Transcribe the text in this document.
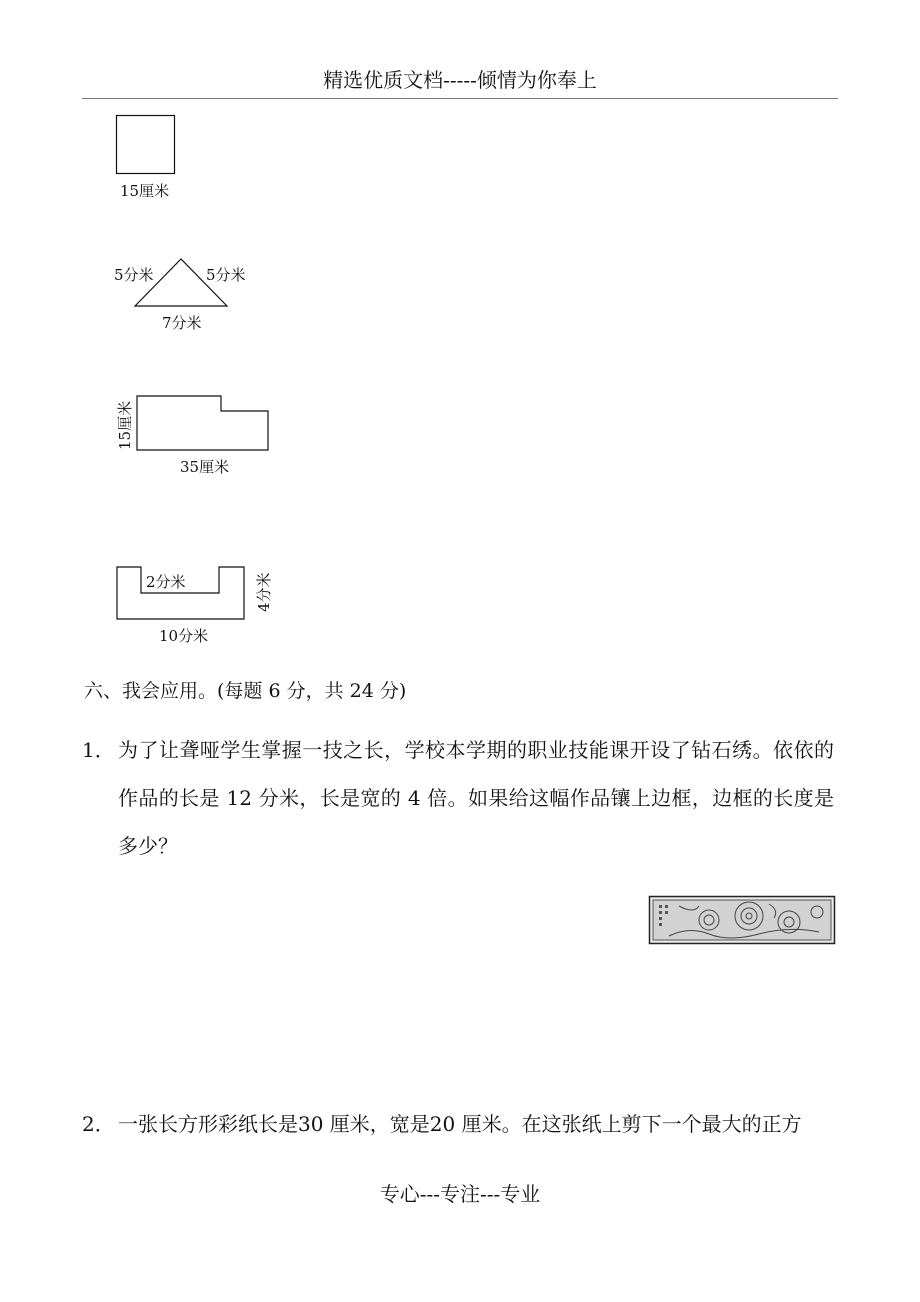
精选优质文档-----倾情为你奉上
15厘米
5分米	5分米
7分米
15厘米
35厘米
2分米	4分米
10分米
六、我会应用。(每题 6 分，共 24 分)
1． 为了让聋哑学生掌握一技之长，学校本学期的职业技能课开设了钻石绣。依依的作品的长是 12 分米，长是宽的 4 倍。如果给这幅作品镶上边框，边框的长度是多少？
2． 一张长方形彩纸长是30 厘米，宽是20 厘米。在这张纸上剪下一个最大的正方
专心---专注---专业
